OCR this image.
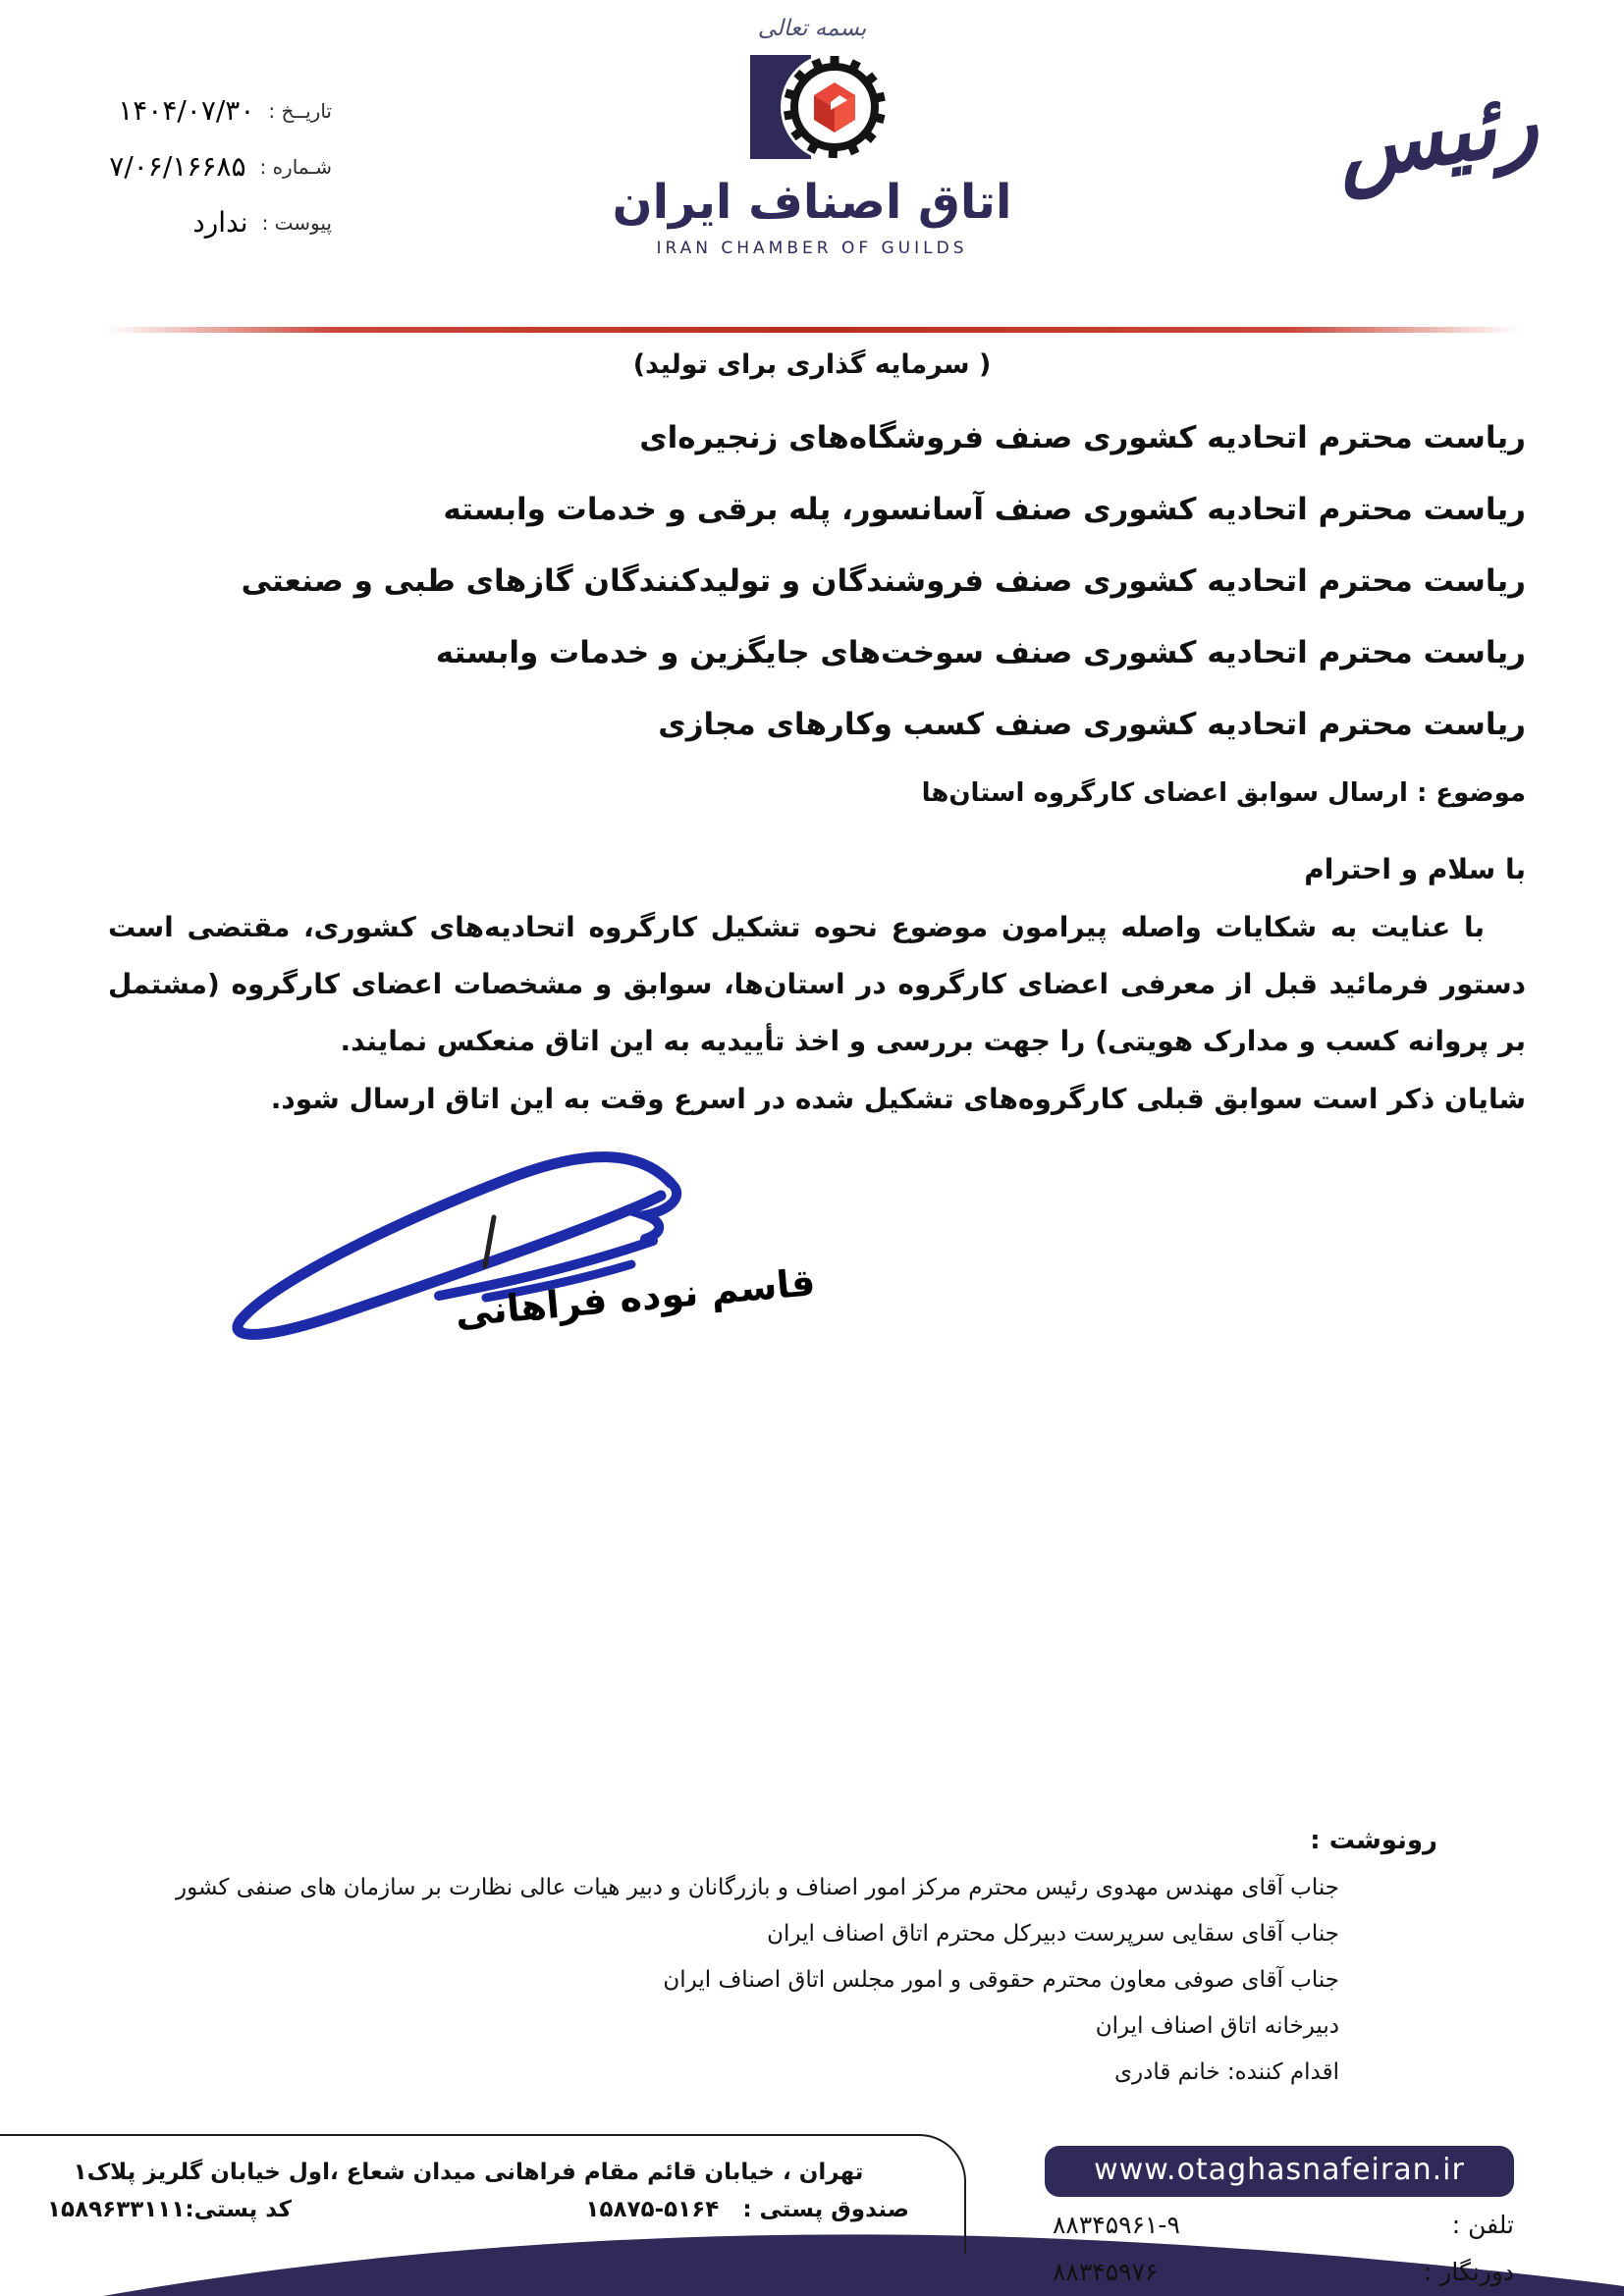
تاریــخ :
۱۴۰۴/۰۷/۳۰
شـماره :
۷/۰۶/۱۶۶۸۵
پیوست :
ندارد
بسمه تعالی
اتاق اصناف ایران
IRAN CHAMBER OF GUILDS
رئیس
( سرمایه گذاری برای تولید)
ریاست محترم اتحادیه کشوری صنف فروشگاه‌های زنجیره‌ای
ریاست محترم اتحادیه کشوری صنف آسانسور، پله برقی و خدمات وابسته
ریاست محترم اتحادیه کشوری صنف فروشندگان و تولیدکنندگان گازهای طبی و صنعتی
ریاست محترم اتحادیه کشوری صنف سوخت‌های جایگزین و خدمات وابسته
ریاست محترم اتحادیه کشوری صنف کسب وکارهای مجازی
موضوع : ارسال سوابق اعضای کارگروه استان‌ها
با سلام و احترام

با عنایت به شکایات واصله پیرامون موضوع نحوه تشکیل کارگروه اتحادیه‌های کشوری، مقتضی است دستور فرمائید قبل از معرفی اعضای کارگروه در استان‌ها، سوابق و مشخصات اعضای کارگروه (مشتمل بر پروانه کسب و مدارک هویتی) را جهت بررسی و اخذ تأییدیه به این اتاق منعکس نمایند.

شایان ذکر است سوابق قبلی کارگروه‌های تشکیل شده در اسرع وقت به این اتاق ارسال شود.

قاسم نوده فراهانی
رونوشت :
جناب آقای مهندس مهدوی رئیس محترم مرکز امور اصناف و بازرگانان و دبیر هیات عالی نظارت بر سازمان های صنفی کشور
جناب آقای سقایی سرپرست دبیرکل محترم اتاق اصناف ایران
جناب آقای صوفی معاون محترم حقوقی و امور مجلس اتاق اصناف ایران
دبیرخانه اتاق اصناف ایران
اقدام کننده: خانم قادری
تهران ، خیابان قائم مقام فراهانی میدان شعاع ،اول خیابان گلریز پلاک۱
صندوق پستی :   ۱۵۸۷۵-۵۱۶۴
کد پستی:۱۵۸۹۶۳۳۱۱۱
www.otaghasnafeiran.ir
تلفن :
۸۸۳۴۵۹۶۱-۹
دورنگار :
۸۸۳۴۵۹۷۶
